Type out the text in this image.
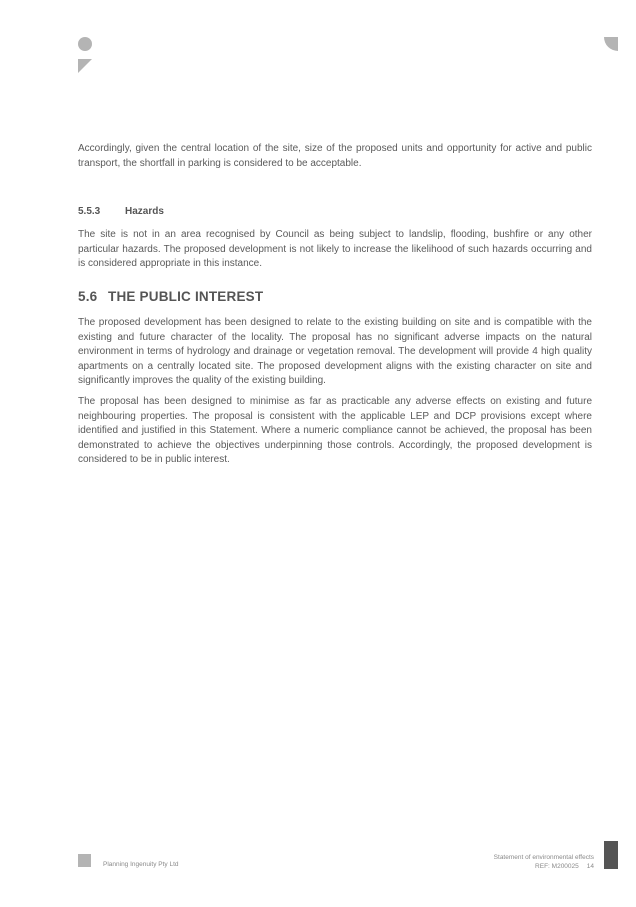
Accordingly, given the central location of the site, size of the proposed units and opportunity for active and public transport, the shortfall in parking is considered to be acceptable.

5.5.3 Hazards

The site is not in an area recognised by Council as being subject to landslip, flooding, bushfire or any other particular hazards. The proposed development is not likely to increase the likelihood of such hazards occurring and is considered appropriate in this instance.

5.6 THE PUBLIC INTEREST

The proposed development has been designed to relate to the existing building on site and is compatible with the existing and future character of the locality. The proposal has no significant adverse impacts on the natural environment in terms of hydrology and drainage or vegetation removal. The development will provide 4 high quality apartments on a centrally located site. The proposed development aligns with the existing character on site and significantly improves the quality of the existing building.

The proposal has been designed to minimise as far as practicable any adverse effects on existing and future neighbouring properties. The proposal is consistent with the applicable LEP and DCP provisions except where identified and justified in this Statement. Where a numeric compliance cannot be achieved, the proposal has been demonstrated to achieve the objectives underpinning those controls. Accordingly, the proposed development is considered to be in public interest.

Planning Ingenuity Pty Ltd
Statement of environmental effects
REF: M200025 14
